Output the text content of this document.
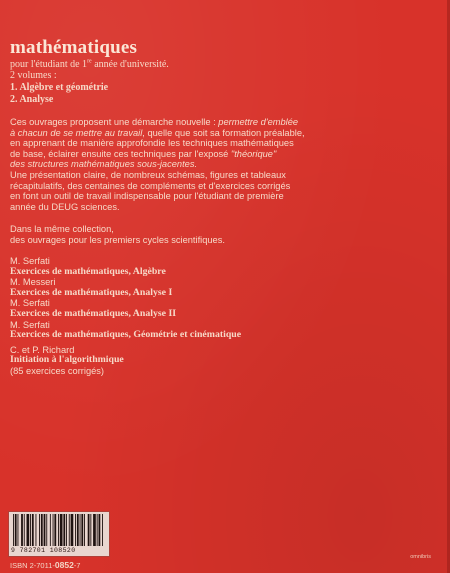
mathématiques

pour l'étudiant de 1re année d'université.

2 volumes :

1. Algèbre et géométrie

2. Analyse

Ces ouvrages proposent une démarche nouvelle : permettre d'emblée

à chacun de se mettre au travail, quelle que soit sa formation préalable,

en apprenant de manière approfondie les techniques mathématiques

de base, éclairer ensuite ces techniques par l'exposé "théorique"

des structures mathématiques sous-jacentes.

Une présentation claire, de nombreux schémas, figures et tableaux

récapitulatifs, des centaines de compléments et d'exercices corrigés

en font un outil de travail indispensable pour l'étudiant de première

année du DEUG sciences.

Dans la même collection,

des ouvrages pour les premiers cycles scientifiques.

M. Serfati

Exercices de mathématiques, Algèbre

M. Messeri

Exercices de mathématiques, Analyse I

M. Serfati

Exercices de mathématiques, Analyse II

M. Serfati

Exercices de mathématiques, Géométrie et cinématique

C. et P. Richard

Initiation à l'algorithmique

(85 exercices corrigés)

9 782701 108520
ISBN 2-7011-0852-7
omnibris
